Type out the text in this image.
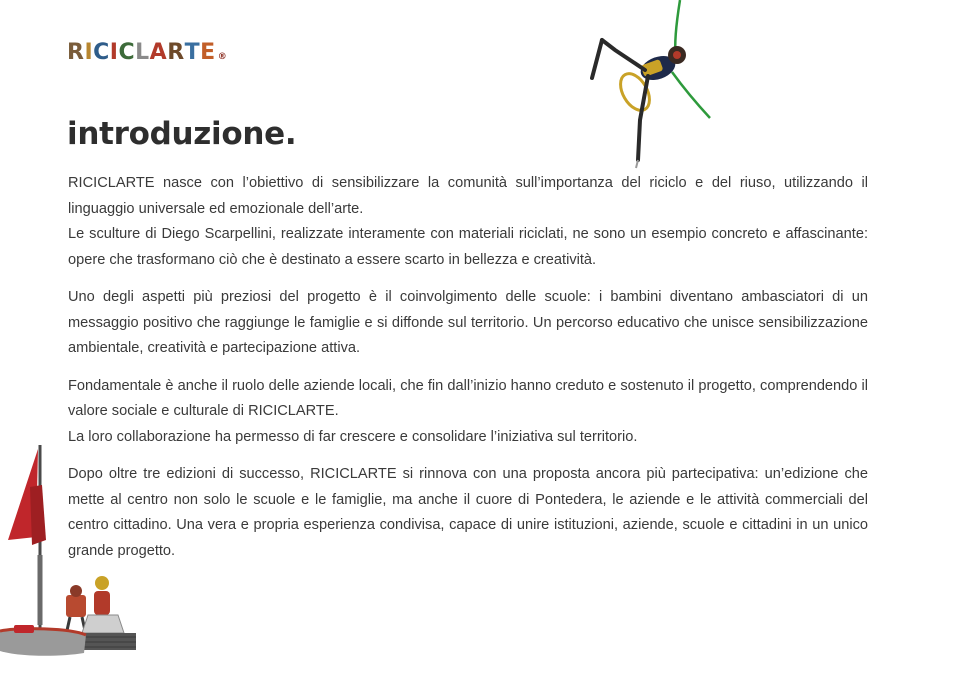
R I C I C L A R T E ®
introduzione.

RICICLARTE nasce con l’obiettivo di sensibilizzare la comunità sull’importanza del riciclo e del riuso, utilizzando il linguaggio universale ed emozionale dell’arte.

Le sculture di Diego Scarpellini, realizzate interamente con materiali riciclati, ne sono un esempio concreto e affascinante: opere che trasformano ciò che è destinato a essere scarto in bellezza e creatività.

Uno degli aspetti più preziosi del progetto è il coinvolgimento delle scuole: i bambini diventano ambasciatori di un messaggio positivo che raggiunge le famiglie e si diffonde sul territorio. Un percorso educativo che unisce sensibilizzazione ambientale, creatività e partecipazione attiva.

Fondamentale è anche il ruolo delle aziende locali, che fin dall’inizio hanno creduto e sostenuto il progetto, comprendendo il valore sociale e culturale di RICICLARTE.

La loro collaborazione ha permesso di far crescere e consolidare l’iniziativa sul territorio.

Dopo oltre tre edizioni di successo, RICICLARTE si rinnova con una proposta ancora più partecipativa: un’edizione che mette al centro non solo le scuole e le famiglie, ma anche il cuore di Pontedera, le aziende e le attività commerciali del centro cittadino. Una vera e propria esperienza condivisa, capace di unire istituzioni, aziende, scuole e cittadini in un unico grande progetto.
